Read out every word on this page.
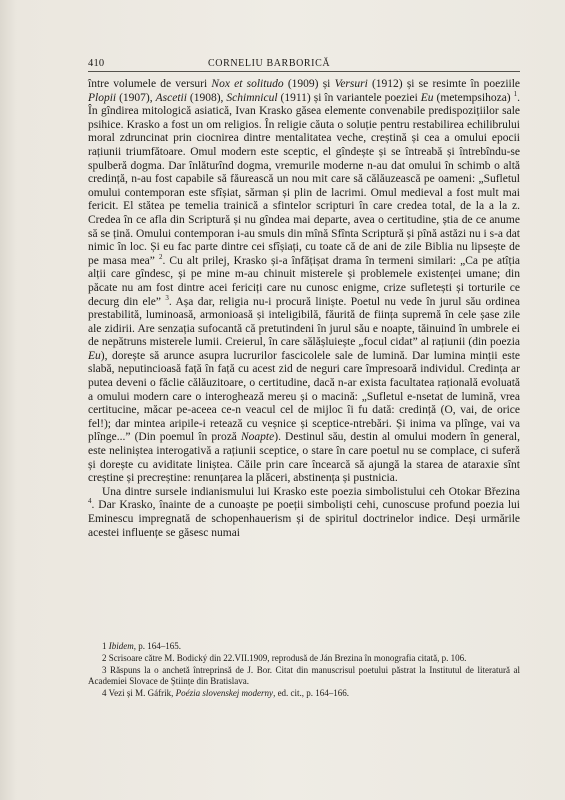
410	CORNELIU BARBORICĂ

între volumele de versuri Nox et solitudo (1909) și Versuri (1912) și se resimte în poeziile Plopii (1907), Ascetii (1908), Schimnicul (1911) și în variantele poeziei Eu (metempsihoza) $^1$. În gîndirea mitologică asiatică, Ivan Krasko găsea elemente convenabile predispozițiilor sale psihice. Krasko a fost un om religios. În religie căuta o soluție pentru restabilirea echilibrului moral zdruncinat prin ciocnirea dintre mentalitatea veche, creștină și cea a omului epocii rațiunii triumfătoare. Omul modern este sceptic, el gîndește și se întreabă și întrebîndu-se spulberă dogma. Dar înlăturînd dogma, vremurile moderne n-au dat omului în schimb o altă credință, n-au fost capabile să făurească un nou mit care să călăuzească pe oameni: „Sufletul omului contemporan este sfîșiat, sărman și plin de lacrimi. Omul medieval a fost mult mai fericit. El stătea pe temelia trainică a sfintelor scripturi în care credea total, de la a la z. Credea în ce afla din Scriptură și nu gîndea mai departe, avea o certitudine, știa de ce anume să se țină. Omului contemporan i-au smuls din mînă Sfînta Scriptură și pînă astăzi nu i s-a dat nimic în loc. Și eu fac parte dintre cei sfîșiați, cu toate că de ani de zile Biblia nu lipsește de pe masa mea” $^2$. Cu alt prilej, Krasko și-a înfățișat drama în termeni similari: „Ca pe atîția alții care gîndesc, și pe mine m-au chinuit misterele și problemele existenței umane; din păcate nu am fost dintre acei fericiți care nu cunosc enigme, crize sufletești și torturile ce decurg din ele” $^3$. Așa dar, religia nu-i procură liniște. Poetul nu vede în jurul său ordinea prestabilită, luminoasă, armonioasă și inteligibilă, făurită de ființa supremă în cele șase zile ale zidirii. Are senzația sufocantă că pretutindeni în jurul său e noapte, tăinuind în umbrele ei de nepătruns misterele lumii. Creierul, în care sălășluiește „focul cidat” al rațiunii (din poezia Eu), dorește să arunce asupra lucrurilor fascicolele sale de lumină. Dar lumina minții este slabă, neputincioasă față în față cu acest zid de neguri care împresoară individul. Credința ar putea deveni o făclie călăuzitoare, o certitudine, dacă n-ar exista facultatea rațională evoluată a omului modern care o interoghează mereu și o macină: „Sufletul e-nsetat de lumină, vrea certitucine, măcar pe-aceea ce-n veacul cel de mijloc îi fu dată: credință (O, vai, de orice fel!); dar mintea aripile-i retează cu veșnice și sceptice-ntrebări. Și inima va plînge, vai va plînge...” (Din poemul în proză Noapte). Destinul său, destin al omului modern în general, este neliniștea interogativă a rațiunii sceptice, o stare în care poetul nu se complace, ci suferă și dorește cu aviditate liniștea. Căile prin care încearcă să ajungă la starea de ataraxie sînt creștine și precreștine: renunțarea la plăceri, abstinența și pustnicia.

Una dintre sursele indianismului lui Krasko este poezia simbolistului ceh Otokar Březina $^4$. Dar Krasko, înainte de a cunoaște pe poeții simboliști cehi, cunoscuse profund poezia lui Eminescu impregnată de schopenhauerism și de spiritul doctrinelor indice. Deși urmările acestei influențe se găsesc numai

1 Ibidem, p. 164–165.
2 Scrisoare către M. Bodický din 22.VII.1909, reprodusă de Ján Brezina în monografia citată, p. 106.
3 Răspuns la o anchetă întreprinsă de J. Bor. Citat din manuscrisul poetului păstrat la Institutul de literatură al Academiei Slovace de Științe din Bratislava.
4 Vezi și M. Gáfrik, Poézia slovenskej moderny, ed. cit., p. 164–166.
